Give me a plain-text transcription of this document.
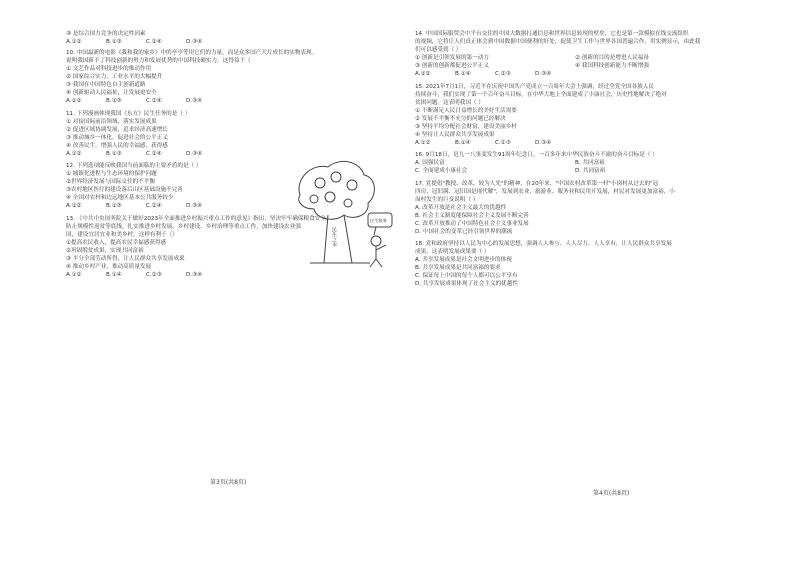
③ 是综合国力竞争的决定性因素
A.①②	B.①③	C.②④	D.③④
10. 中国最新的电影《我和我的家乡》中的亭亭等用它们的力量，而是众多国产大片成长的实物表现。
说明我国新不了科技创新的努力和发展优势的中国科技硬实力，这得益于（
① 文艺作品对科技进步的推动作用
② 国家综合实力、工业水平的大幅提升
③ 我国在中国特色自主创新道路
④ 创新驱动人民福祉，让发展更安全
A.①②	B.①③	C.②④	D.③④
11. 下列漫画体现我国《东方》民生任务的是（ ）
① 对接国际前沿领域，落实发展成果
② 促进区域协调发展，追求经济高速增长
③ 推动城乡一体化，促进社会的公平正义
④ 改善民生，增强人民的幸福感，获得感
A.①②	B.①③	C.②④	D.③④
12. 下列选项能反映我国当前面临的主要矛盾的是（ ）
① 城镇化进程与生态环境的保护问题
②世界经济发展与国际交往的不平衡
③农村地区医疗的建设落后山区基础设施不完善
④ 全国对农村和边远地区基本公共服务较少
A.①②	B.①③	C.②④	D.③④
13. 《中共中央国务院关于做好2023年全面推进乡村振兴重点工作的意见》指出，坚决牢牢确保粮食安全、
防止规模性返贫等底线，扎实推进乡村发展、乡村建设、乡村治理等重点工作，加快建设农业强
国，建设宜居宜业和美乡村。这样有利于（）
①提高农民收入，提高农民幸福感获得感
②巩固脱贫成果，实现共同富裕
③ 平分全部劳动所得，让人民群众共享发展成果
④ 推动乡村产业，推动高质量发展
A.①②	B.①④	C.②③	D.③④
民生之本
民生服务
第3页(共8页)
14. 中国国际服贸会中平台交往的中国大数据打通信息和世界信息转现的壁垒，它也是第一款模拟在线交流组织
的视频，它将让人们真正体会到中国数据中国便利的好处，促使卫生工作与世界各国普遍合作，用实例显示，由此我
们可以感受到（ ）
① 创新是引领发展的第一动力	② 创新的目的是增进人民福祉
③ 创新的创新都促进公平正义	④ 我国科技创新能力不断增强
A.①②	B.①④	C.②③	D.③④
15. 2021年7月1日，习近平在庆祝中国共产党成立一百周年大会上强调，经过全党全国各族人民
持续奋斗，我们实现了第一个百年奋斗目标，在中华大地上全面建成了小康社会，历史性地解决了绝对
贫困问题。这表明我国（ ）
① 不断满足人民日益增长的美好生活需要
② 发展不平衡不充分的问题已经解决
③ 坚持平均分配社会财富，建设美丽乡村
④ 坚持让人民群众共享发展成果
A.①②	B.①④	C.②③	D.③④
16. 9月18日，是九一八事变发生91周年纪念日，一百多年来中华民族奋斗不渝的奋斗目标是（ ）
A. 国强民富	B. 共同富裕
C. 全面建成小康社会	D. 共同富裕
17. 党提倡"教授、改革、较为人先"的精神，在20年来，"中国农村改革第一村"小岗村从过去的"冠
四房、冠旧满、冠旧国是现代解"，发展到农业、旅游业、服务业和民用开发展，村民对发展更加富裕，小
岗村发生的巨变说明（ ）
A. 改革开放是社会主义最大的优越性
B. 社会主义制度能保障社会主义发展不断完善
C. 改革开放推动了中国特色社会主义事业发展
D. 中国社会的变革已经引领世界的潮流
18. 党和政府坚持以人民为中心的发展思想，强调人人参与、人人尽力、人人享有，让人民群众共享发展
成果，这表明发展成果要（ ）
A. 共享发展成果是社会文明进步的体现
B. 共享发展成果是共同富裕的要求
C. 保证每上中国的每个人都可以公平享有
D. 共享发展成果体现了社会主义的优越性
第4页(共8页)
